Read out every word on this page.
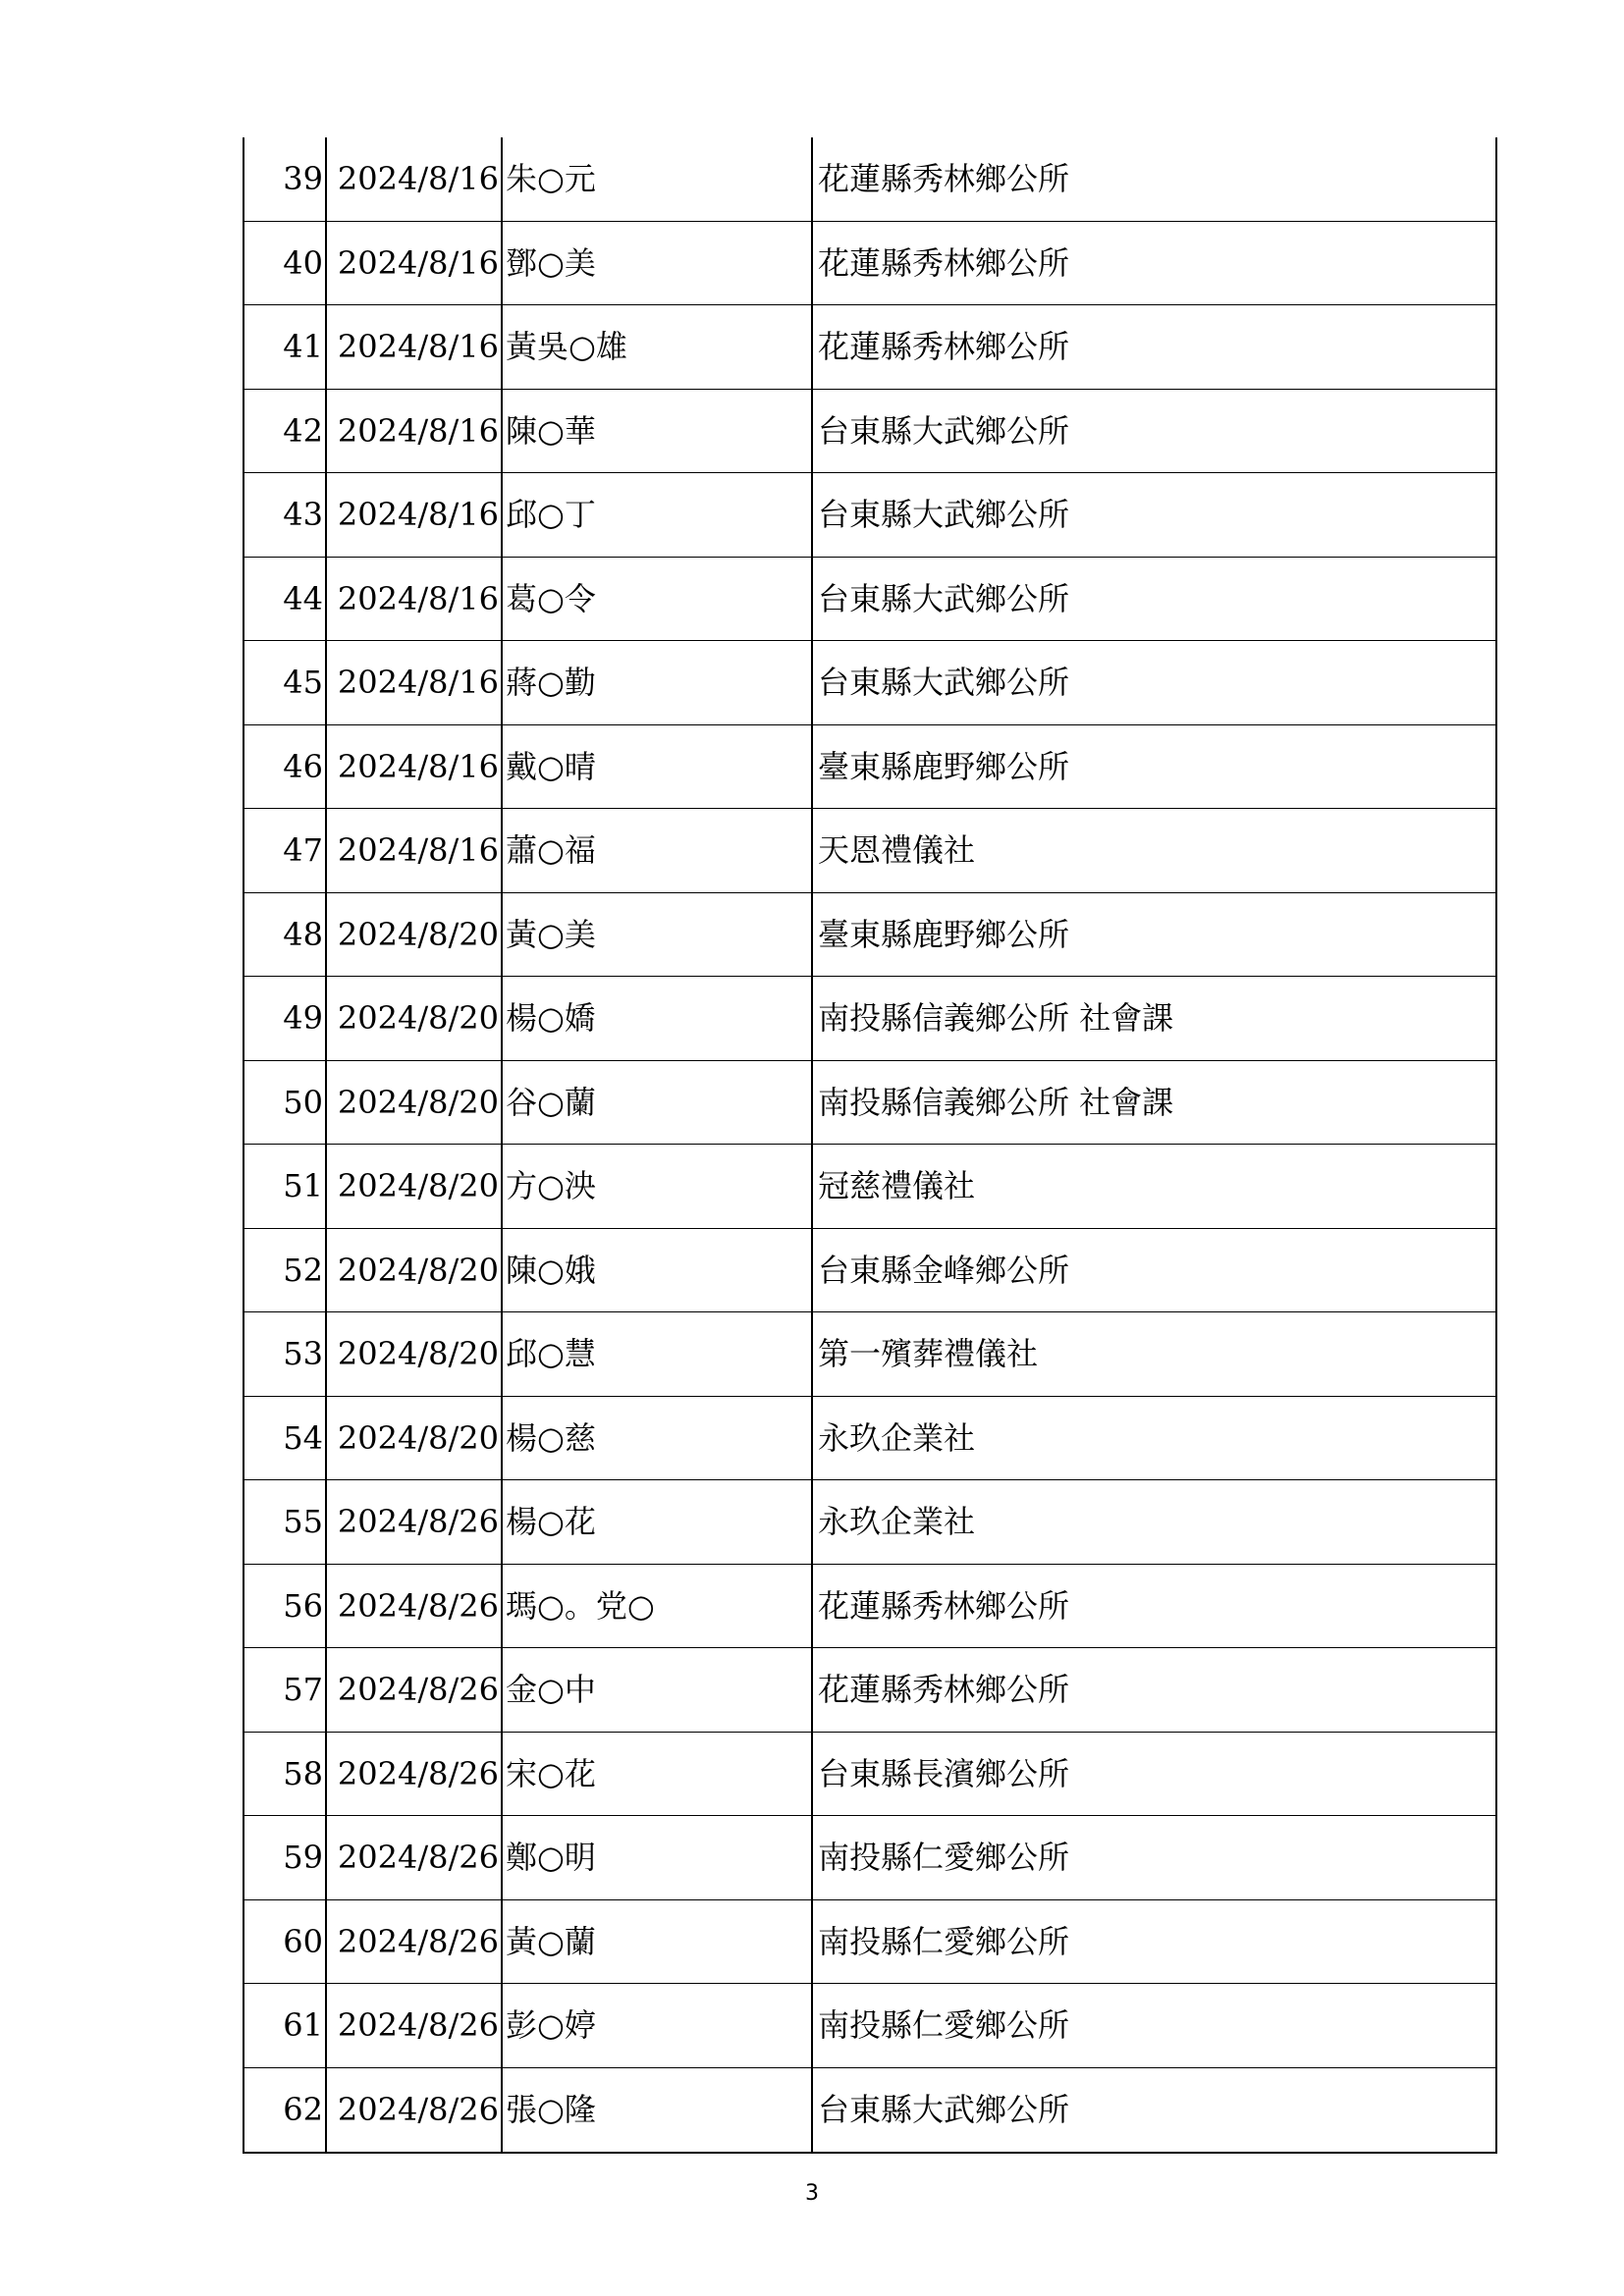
39 2024/8/16 朱○元	花蓮縣秀林鄉公所
40 2024/8/16 鄧○美	花蓮縣秀林鄉公所
41 2024/8/16 黃吳○雄	花蓮縣秀林鄉公所
42 2024/8/16 陳○華	台東縣大武鄉公所
43 2024/8/16 邱○丁	台東縣大武鄉公所
44 2024/8/16 葛○令	台東縣大武鄉公所
45 2024/8/16 蔣○勤	台東縣大武鄉公所
46 2024/8/16 戴○晴	臺東縣鹿野鄉公所
47 2024/8/16 蕭○福	天恩禮儀社
48 2024/8/20 黃○美	臺東縣鹿野鄉公所
49 2024/8/20 楊○嬌	南投縣信義鄉公所 社會課
50 2024/8/20 谷○蘭	南投縣信義鄉公所 社會課
51 2024/8/20 方○泱	冠慈禮儀社
52 2024/8/20 陳○娥	台東縣金峰鄉公所
53 2024/8/20 邱○慧	第一殯葬禮儀社
54 2024/8/20 楊○慈	永玖企業社
55 2024/8/26 楊○花	永玖企業社
56 2024/8/26 瑪○。党○	花蓮縣秀林鄉公所
57 2024/8/26 金○中	花蓮縣秀林鄉公所
58 2024/8/26 宋○花	台東縣長濱鄉公所
59 2024/8/26 鄭○明	南投縣仁愛鄉公所
60 2024/8/26 黃○蘭	南投縣仁愛鄉公所
61 2024/8/26 彭○婷	南投縣仁愛鄉公所
62 2024/8/26 張○隆	台東縣大武鄉公所
3
